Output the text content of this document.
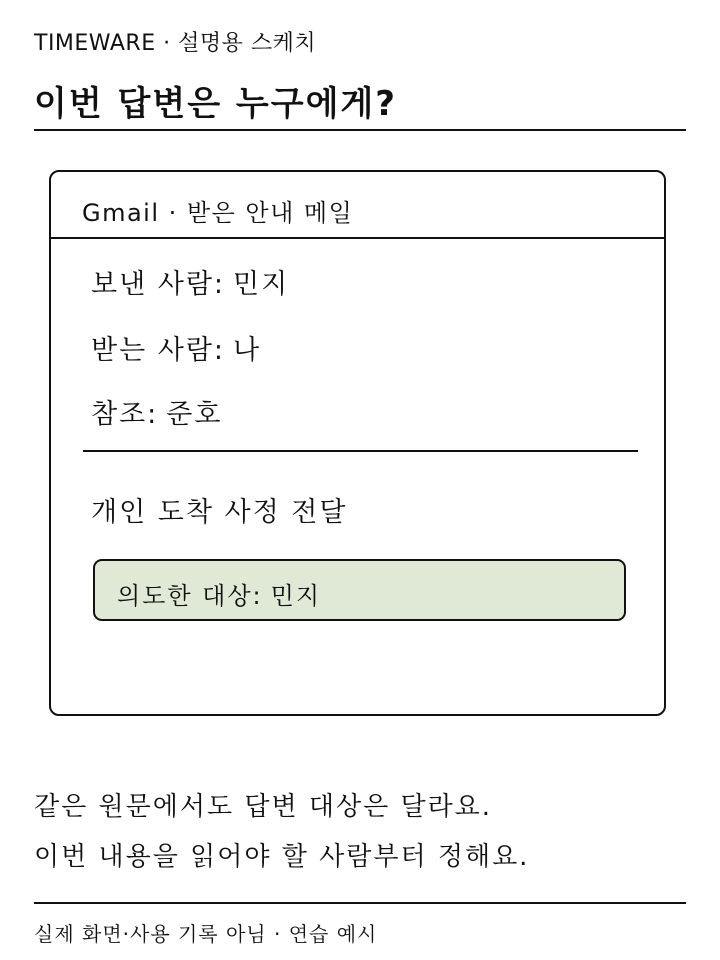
TIMEWARE · 설명용 스케치
이번 답변은 누구에게?
Gmail · 받은 안내 메일
보낸 사람: 민지
받는 사람: 나
참조: 준호
개인 도착 사정 전달
의도한 대상: 민지
같은 원문에서도 답변 대상은 달라요.
이번 내용을 읽어야 할 사람부터 정해요.
실제 화면·사용 기록 아님 · 연습 예시
